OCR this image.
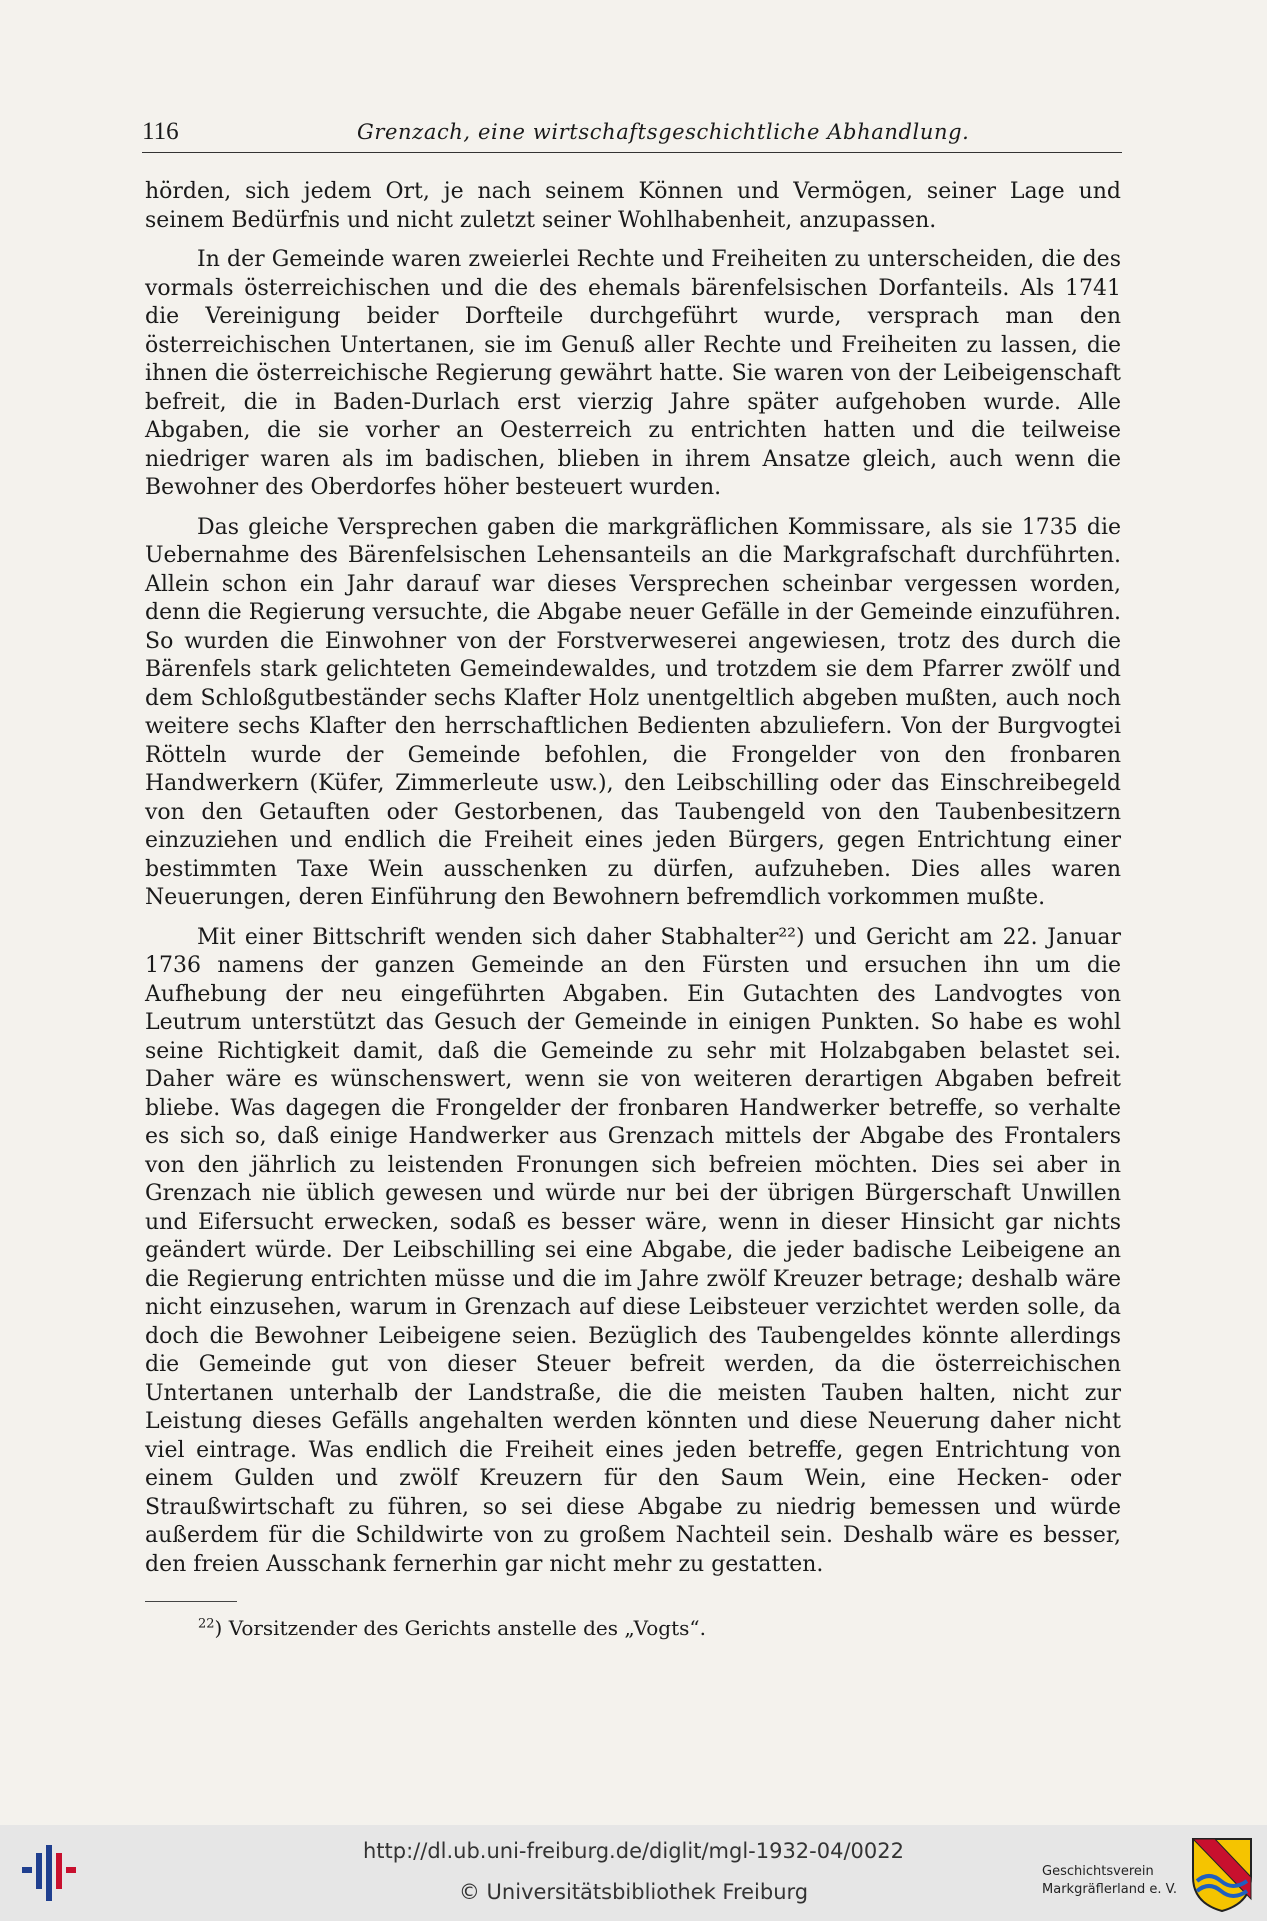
116	Grenzach, eine wirtschaftsgeschichtliche Abhandlung.

hörden, sich jedem Ort, je nach seinem Können und Vermögen, seiner Lage und seinem Bedürfnis und nicht zuletzt seiner Wohlhabenheit, anzupassen.

In der Gemeinde waren zweierlei Rechte und Freiheiten zu unterscheiden, die des vormals österreichischen und die des ehemals bärenfelsischen Dorfanteils. Als 1741 die Vereinigung beider Dorfteile durchgeführt wurde, versprach man den österreichischen Untertanen, sie im Genuß aller Rechte und Freiheiten zu lassen, die ihnen die österreichische Regierung gewährt hatte. Sie waren von der Leibeigenschaft befreit, die in Baden-Durlach erst vierzig Jahre später aufgehoben wurde. Alle Abgaben, die sie vorher an Oesterreich zu entrichten hatten und die teilweise niedriger waren als im badischen, blieben in ihrem Ansatze gleich, auch wenn die Bewohner des Oberdorfes höher besteuert wurden.

Das gleiche Versprechen gaben die markgräflichen Kommissare, als sie 1735 die Uebernahme des Bärenfelsischen Lehensanteils an die Markgrafschaft durchführten. Allein schon ein Jahr darauf war dieses Versprechen scheinbar vergessen worden, denn die Regierung versuchte, die Abgabe neuer Gefälle in der Gemeinde einzuführen. So wurden die Einwohner von der Forstverweserei angewiesen, trotz des durch die Bärenfels stark gelichteten Gemeindewaldes, und trotzdem sie dem Pfarrer zwölf und dem Schloßgutbeständer sechs Klafter Holz unentgeltlich abgeben mußten, auch noch weitere sechs Klafter den herrschaftlichen Bedienten abzuliefern. Von der Burgvogtei Rötteln wurde der Gemeinde befohlen, die Frongelder von den fronbaren Handwerkern (Küfer, Zimmerleute usw.), den Leibschilling oder das Einschreibegeld von den Getauften oder Gestorbenen, das Taubengeld von den Taubenbesitzern einzuziehen und endlich die Freiheit eines jeden Bürgers, gegen Entrichtung einer bestimmten Taxe Wein ausschenken zu dürfen, aufzuheben. Dies alles waren Neuerungen, deren Einführung den Bewohnern befremdlich vorkommen mußte.

Mit einer Bittschrift wenden sich daher Stabhalter²²) und Gericht am 22. Januar 1736 namens der ganzen Gemeinde an den Fürsten und ersuchen ihn um die Aufhebung der neu eingeführten Abgaben. Ein Gutachten des Landvogtes von Leutrum unterstützt das Gesuch der Gemeinde in einigen Punkten. So habe es wohl seine Richtigkeit damit, daß die Gemeinde zu sehr mit Holzabgaben belastet sei. Daher wäre es wünschenswert, wenn sie von weiteren derartigen Abgaben befreit bliebe. Was dagegen die Frongelder der fronbaren Handwerker betreffe, so verhalte es sich so, daß einige Handwerker aus Grenzach mittels der Abgabe des Frontalers von den jährlich zu leistenden Fronungen sich befreien möchten. Dies sei aber in Grenzach nie üblich gewesen und würde nur bei der übrigen Bürgerschaft Unwillen und Eifersucht erwecken, sodaß es besser wäre, wenn in dieser Hinsicht gar nichts geändert würde. Der Leibschilling sei eine Abgabe, die jeder badische Leibeigene an die Regierung entrichten müsse und die im Jahre zwölf Kreuzer betrage; deshalb wäre nicht einzusehen, warum in Grenzach auf diese Leibsteuer verzichtet werden solle, da doch die Bewohner Leibeigene seien. Bezüglich des Taubengeldes könnte allerdings die Gemeinde gut von dieser Steuer befreit werden, da die österreichischen Untertanen unterhalb der Landstraße, die die meisten Tauben halten, nicht zur Leistung dieses Gefälls angehalten werden könnten und diese Neuerung daher nicht viel eintrage. Was endlich die Freiheit eines jeden betreffe, gegen Entrichtung von einem Gulden und zwölf Kreuzern für den Saum Wein, eine Hecken- oder Straußwirtschaft zu führen, so sei diese Abgabe zu niedrig bemessen und würde außerdem für die Schildwirte von zu großem Nachteil sein. Deshalb wäre es besser, den freien Ausschank fernerhin gar nicht mehr zu gestatten.

$^{22}$) Vorsitzender des Gerichts anstelle des „Vogts“.
http://dl.ub.uni-freiburg.de/diglit/mgl-1932-04/0022
© Universitätsbibliothek Freiburg
Geschichtsverein
Markgräflerland e. V.
